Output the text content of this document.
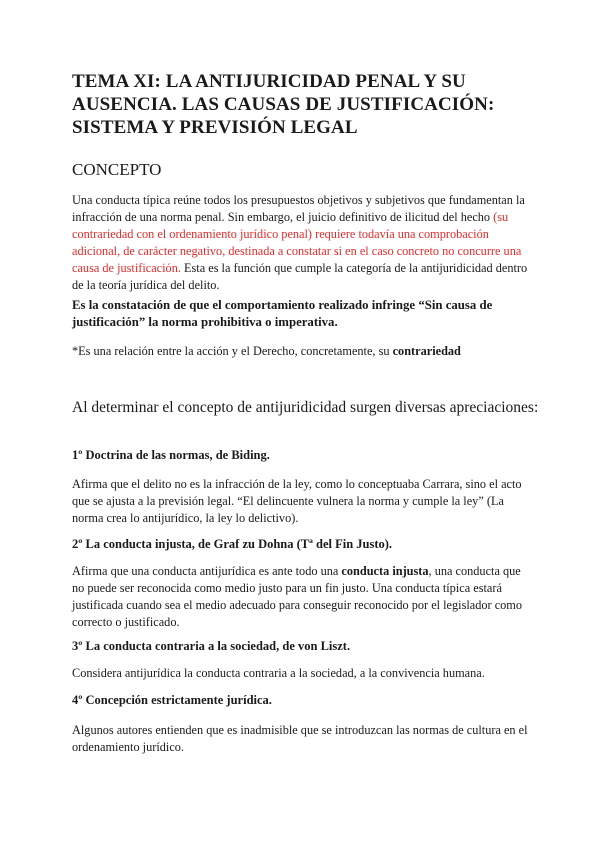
TEMA XI: LA ANTIJURICIDAD PENAL Y SU AUSENCIA. LAS CAUSAS DE JUSTIFICACIÓN: SISTEMA Y PREVISIÓN LEGAL
CONCEPTO

Una conducta típica reúne todos los presupuestos objetivos y subjetivos que fundamentan la infracción de una norma penal. Sin embargo, el juicio definitivo de ilicitud del hecho (su contrariedad con el ordenamiento jurídico penal) requiere todavía una comprobación adicional, de carácter negativo, destinada a constatar si en el caso concreto no concurre una causa de justificación. Esta es la función que cumple la categoría de la antijuridicidad dentro de la teoría jurídica del delito.

Es la constatación de que el comportamiento realizado infringe “Sin causa de justificación” la norma prohibitiva o imperativa.

*Es una relación entre la acción y el Derecho, concretamente, su contrariedad

Al determinar el concepto de antijuridicidad surgen diversas apreciaciones:

1º Doctrina de las normas, de Biding.

Afirma que el delito no es la infracción de la ley, como lo conceptuaba Carrara, sino el acto que se ajusta a la previsión legal. “El delincuente vulnera la norma y cumple la ley” (La norma crea lo antijurídico, la ley lo delictivo).

2º La conducta injusta, de Graf zu Dohna (Tª del Fin Justo).

Afirma que una conducta antijurídica es ante todo una conducta injusta, una conducta que no puede ser reconocida como medio justo para un fin justo. Una conducta típica estará justificada cuando sea el medio adecuado para conseguir reconocido por el legislador como correcto o justificado.

3º La conducta contraria a la sociedad, de von Liszt.

Considera antijurídica la conducta contraria a la sociedad, a la convivencia humana.

4º Concepción estrictamente jurídica.

Algunos autores entienden que es inadmisible que se introduzcan las normas de cultura en el ordenamiento jurídico.
